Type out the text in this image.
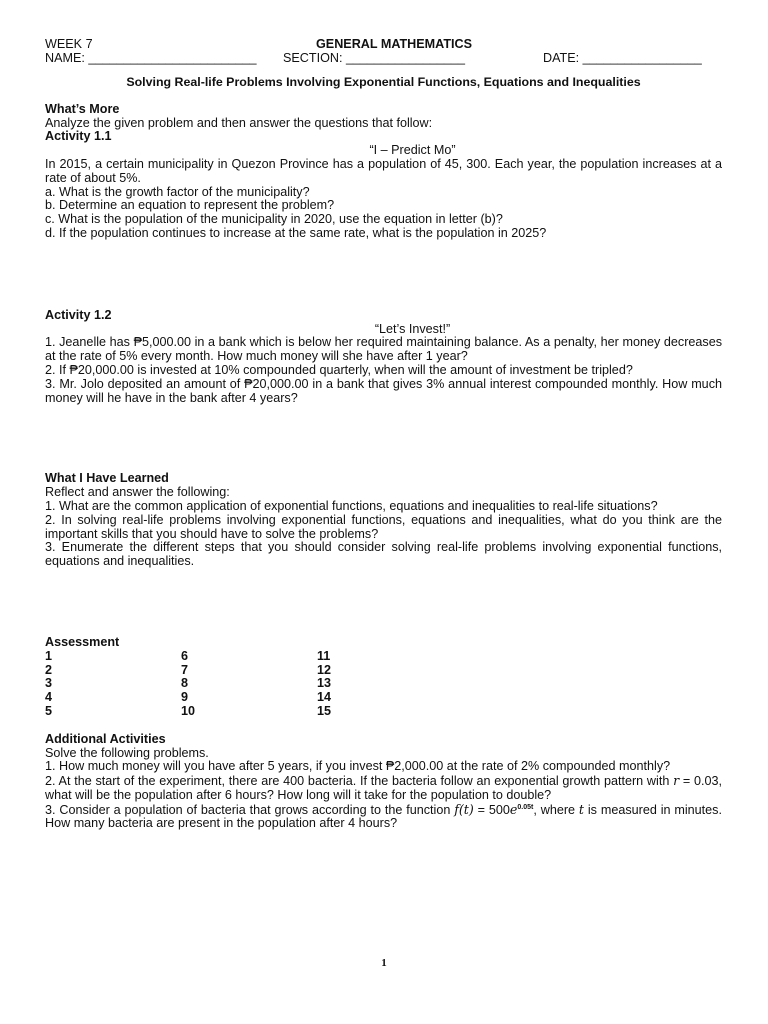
WEEK 7	GENERAL MATHEMATICS
NAME: ________________________ SECTION: _________________	DATE: _________________
Solving Real-life Problems Involving Exponential Functions, Equations and Inequalities

What’s More

Analyze the given problem and then answer the questions that follow:

Activity 1.1

“I – Predict Mo”

In 2015, a certain municipality in Quezon Province has a population of 45, 300. Each year, the population increases at a rate of about 5%.

a. What is the growth factor of the municipality?

b. Determine an equation to represent the problem?

c. What is the population of the municipality in 2020, use the equation in letter (b)?

d. If the population continues to increase at the same rate, what is the population in 2025?

Activity 1.2

“Let’s Invest!”

1. Jeanelle has ₱5,000.00 in a bank which is below her required maintaining balance. As a penalty, her money decreases at the rate of 5% every month. How much money will she have after 1 year?

2. If ₱20,000.00 is invested at 10% compounded quarterly, when will the amount of investment be tripled?

3. Mr. Jolo deposited an amount of ₱20,000.00 in a bank that gives 3% annual interest compounded monthly. How much money will he have in the bank after 4 years?

What I Have Learned

Reflect and answer the following:

1. What are the common application of exponential functions, equations and inequalities to real-life situations?

2. In solving real-life problems involving exponential functions, equations and inequalities, what do you think are the important skills that you should have to solve the problems?

3. Enumerate the different steps that you should consider solving real-life problems involving exponential functions, equations and inequalities.

Assessment

1	6	11
2	7	12
3	8	13
4	9	14
5	10	15

Additional Activities

Solve the following problems.

1. How much money will you have after 5 years, if you invest ₱2,000.00 at the rate of 2% compounded monthly?

2. At the start of the experiment, there are 400 bacteria. If the bacteria follow an exponential growth pattern with r = 0.03, what will be the population after 6 hours? How long will it take for the population to double?

3. Consider a population of bacteria that grows according to the function $f(t) = 500e^{0.05t}$, where t is measured in minutes. How many bacteria are present in the population after 4 hours?

1
